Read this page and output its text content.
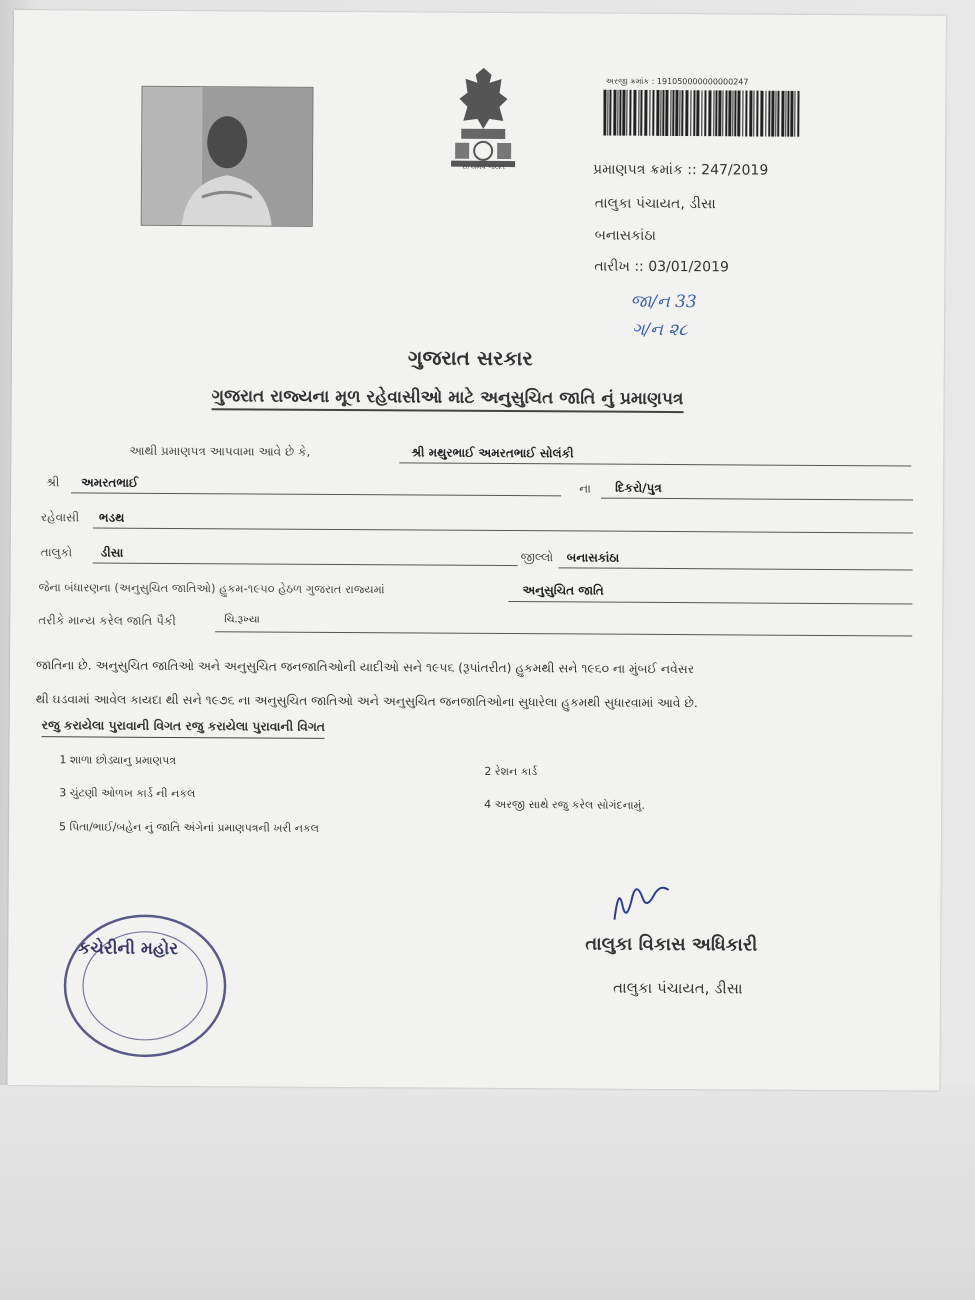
સત્યમેવ જયતે
અરજી ક્રમાંક : 191050000000000247
પ્રમાણપત્ર ક્રમાંક :: 247/2019
તાલુકા પંચાયત, ડીસા
બનાસકાંઠા
તારીખ :: 03/01/2019
જા/ન 33
ગ/ન ૨૮
ગુજરાત સરકાર
ગુજરાત રાજ્યના મૂળ રહેવાસીઓ માટે અનુસુચિત જાતિ નું પ્રમાણપત્ર
આથી પ્રમાણપત્ર આપવામા આવે છે કે,	શ્રી મથુરભાઈ અમરતભાઈ સોલંકી
શ્રી અમરતભાઈ	ના દિકરો/પુત્ર
રહેવાસી ભડથ
તાલુકો ડીસા	જીલ્લો બનાસકાંઠા
જેના બંધારણના (અનુસુચિત જાતિઓ) હુકમ-૧૯૫૦ હેઠળ ગુજરાત રાજ્યમાં	અનુસુચિત જાતિ
તરીકે માન્ય કરેલ જાતિ પૈકી	ચિ.રૂખ્યા
જાતિના છે. અનુસુચિત જાતિઓ અને અનુસુચિત જનજાતિઓની યાદીઓ સને ૧૯૫૬ (રૂપાંતરીત) હુકમથી સને ૧૯૬૦ ના મુંબઈ નવેસર
થી ઘડવામાં આવેલ કાયદા થી સને ૧૯૭૬ ના અનુસુચિત જાતિઓ અને અનુસુચિત જનજાતિઓના સુધારેલા હુકમથી સુધારવામાં આવે છે.
રજુ કરાયેલા પુરાવાની વિગત રજુ કરાયેલા પુરાવાની વિગત
1 શાળા છોડ્યાનુ પ્રમાણપત્ર
2 રેશન કાર્ડ
3 ચુંટણી ઓળખ કાર્ડ ની નકલ
4 અરજી સાથે રજુ કરેલ સોગંદનામું.
5 પિતા/ભાઈ/બહેન નું જાતિ અંગેનાં પ્રમાણપત્રની ખરી નકલ
કચેરીની મહોર	તાલુકા વિકાસ અધિકારી
તાલુકા પંચાયત, ડીસા
